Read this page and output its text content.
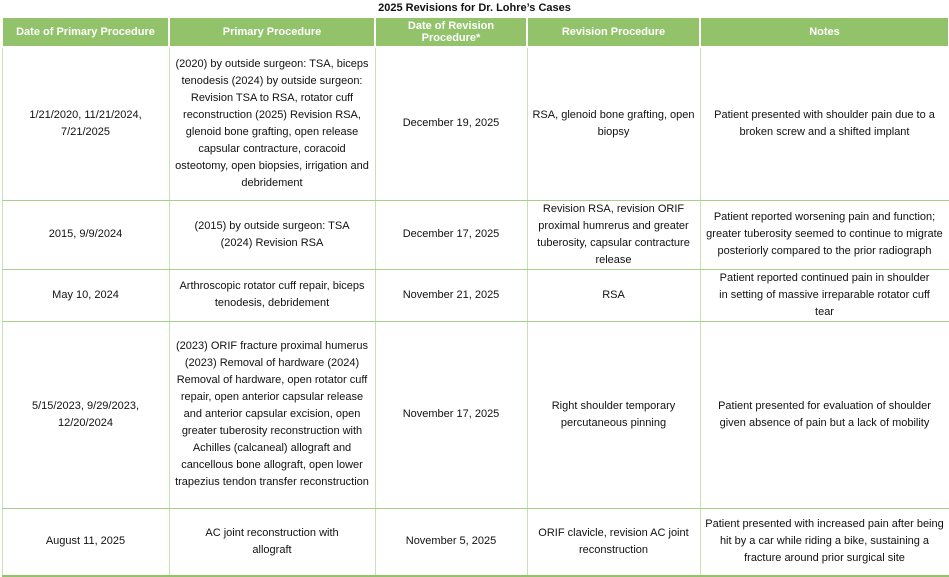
2025 Revisions for Dr. Lohre’s Cases
Date of Primary Procedure	Primary Procedure	Date of Revision Procedure*	Revision Procedure	Notes
1/21/2020, 11/21/2024, 7/21/2025	(2020) by outside surgeon: TSA, biceps tenodesis (2024) by outside surgeon: Revision TSA to RSA, rotator cuff reconstruction (2025) Revision RSA, glenoid bone grafting, open release capsular contracture, coracoid osteotomy, open biopsies, irrigation and debridement	December 19, 2025	RSA, glenoid bone grafting, open biopsy	Patient presented with shoulder pain due to a broken screw and a shifted implant
2015, 9/9/2024	(2015) by outside surgeon: TSA (2024) Revision RSA	December 17, 2025	Revision RSA, revision ORIF proximal humrerus and greater tuberosity, capsular contracture release	Patient reported worsening pain and function; greater tuberosity seemed to continue to migrate posteriorly compared to the prior radiograph
May 10, 2024	Arthroscopic rotator cuff repair, biceps tenodesis, debridement	November 21, 2025	RSA	Patient reported continued pain in shoulder in setting of massive irreparable rotator cuff tear
5/15/2023, 9/29/2023, 12/20/2024	(2023) ORIF fracture proximal humerus (2023) Removal of hardware (2024) Removal of hardware, open rotator cuff repair, open anterior capsular release and anterior capsular excision, open greater tuberosity reconstruction with Achilles (calcaneal) allograft and cancellous bone allograft, open lower trapezius tendon transfer reconstruction	November 17, 2025	Right shoulder temporary percutaneous pinning	Patient presented for evaluation of shoulder given absence of pain but a lack of mobility
August 11, 2025	AC joint reconstruction with allograft	November 5, 2025	ORIF clavicle, revision AC joint reconstruction	Patient presented with increased pain after being hit by a car while riding a bike, sustaining a fracture around prior surgical site
